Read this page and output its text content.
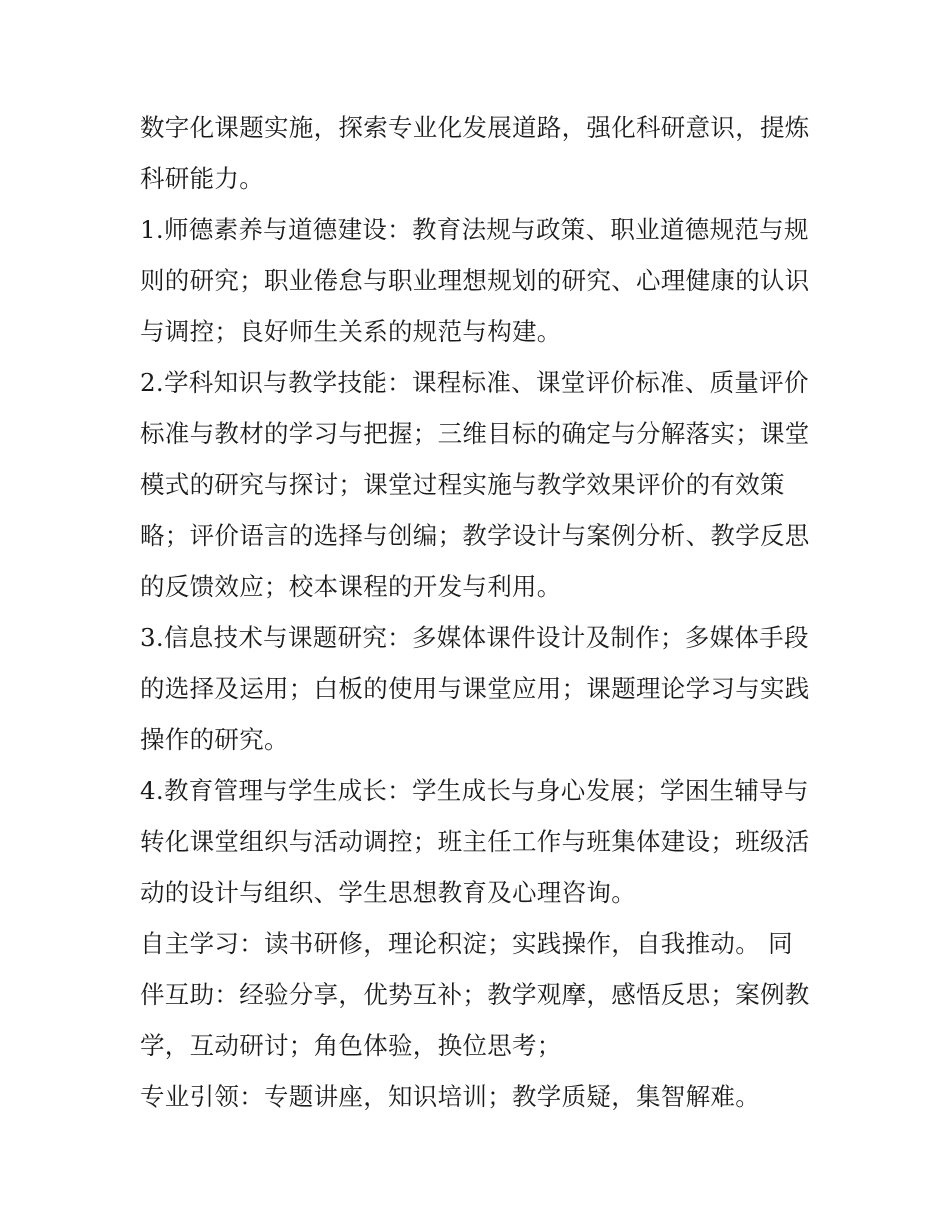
数字化课题实施，探索专业化发展道路，强化科研意识，提炼
科研能力。

1.师德素养与道德建设：教育法规与政策、职业道德规范与规
则的研究；职业倦怠与职业理想规划的研究、心理健康的认识
与调控；良好师生关系的规范与构建。

2.学科知识与教学技能：课程标准、课堂评价标准、质量评价
标准与教材的学习与把握；三维目标的确定与分解落实；课堂
模式的研究与探讨；课堂过程实施与教学效果评价的有效策
略；评价语言的选择与创编；教学设计与案例分析、教学反思
的反馈效应；校本课程的开发与利用。

3.信息技术与课题研究：多媒体课件设计及制作；多媒体手段
的选择及运用；白板的使用与课堂应用；课题理论学习与实践
操作的研究。

4.教育管理与学生成长：学生成长与身心发展；学困生辅导与
转化课堂组织与活动调控；班主任工作与班集体建设；班级活
动的设计与组织、学生思想教育及心理咨询。

自主学习：读书研修，理论积淀；实践操作，自我推动。 同
伴互助：经验分享，优势互补；教学观摩，感悟反思；案例教
学，互动研讨；角色体验，换位思考；

专业引领：专题讲座，知识培训；教学质疑，集智解难。
